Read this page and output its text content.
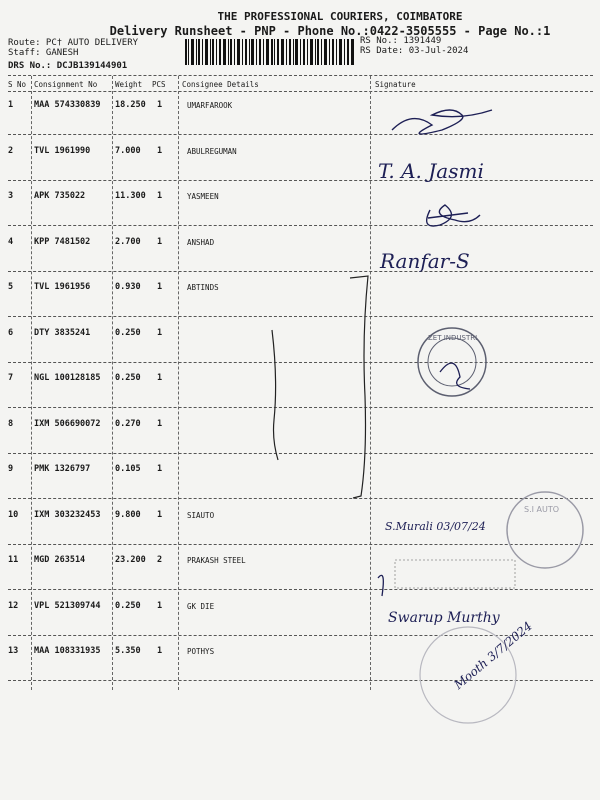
THE PROFESSIONAL COURIERS, COIMBATORE
Delivery Runsheet - PNP - Phone No.:0422-3505555 - Page No.:1
Route: PC† AUTO DELIVERY
Staff: GANESH
DRS No.: DCJB139144901
RS No.: 1391449
RS Date: 03-Jul-2024
S No Consignment No Weight PCS Consignee Details	Signature
1 MAA 574330839 18.250 1	UMARFAROOK
2 TVL 1961990	7.000 1	ABULREGUMAN
3 APK 735022	11.300 1	YASMEEN
4 KPP 7481502	2.700 1	ANSHAD
5 TVL 1961956	0.930 1	ABTINDS
6 DTY 3835241	0.250 1
7 NGL 100128185 0.250 1
8 IXM 506690072 0.270 1
9 PMK 1326797	0.105 1
10 IXM 303232453 9.800 1	SIAUTO
11 MGD 263514	23.200 2	PRAKASH STEEL
12 VPL 521309744 0.250 1	GK DIE
13 MAA 108331935 5.350 1	POTHYS
T. A. Jasmi
Ranfar-S
ZET INDUSTRI
S.I AUTO
S.Murali 03/07/24
Swarup Murthy
Mooth 3/7/2024
